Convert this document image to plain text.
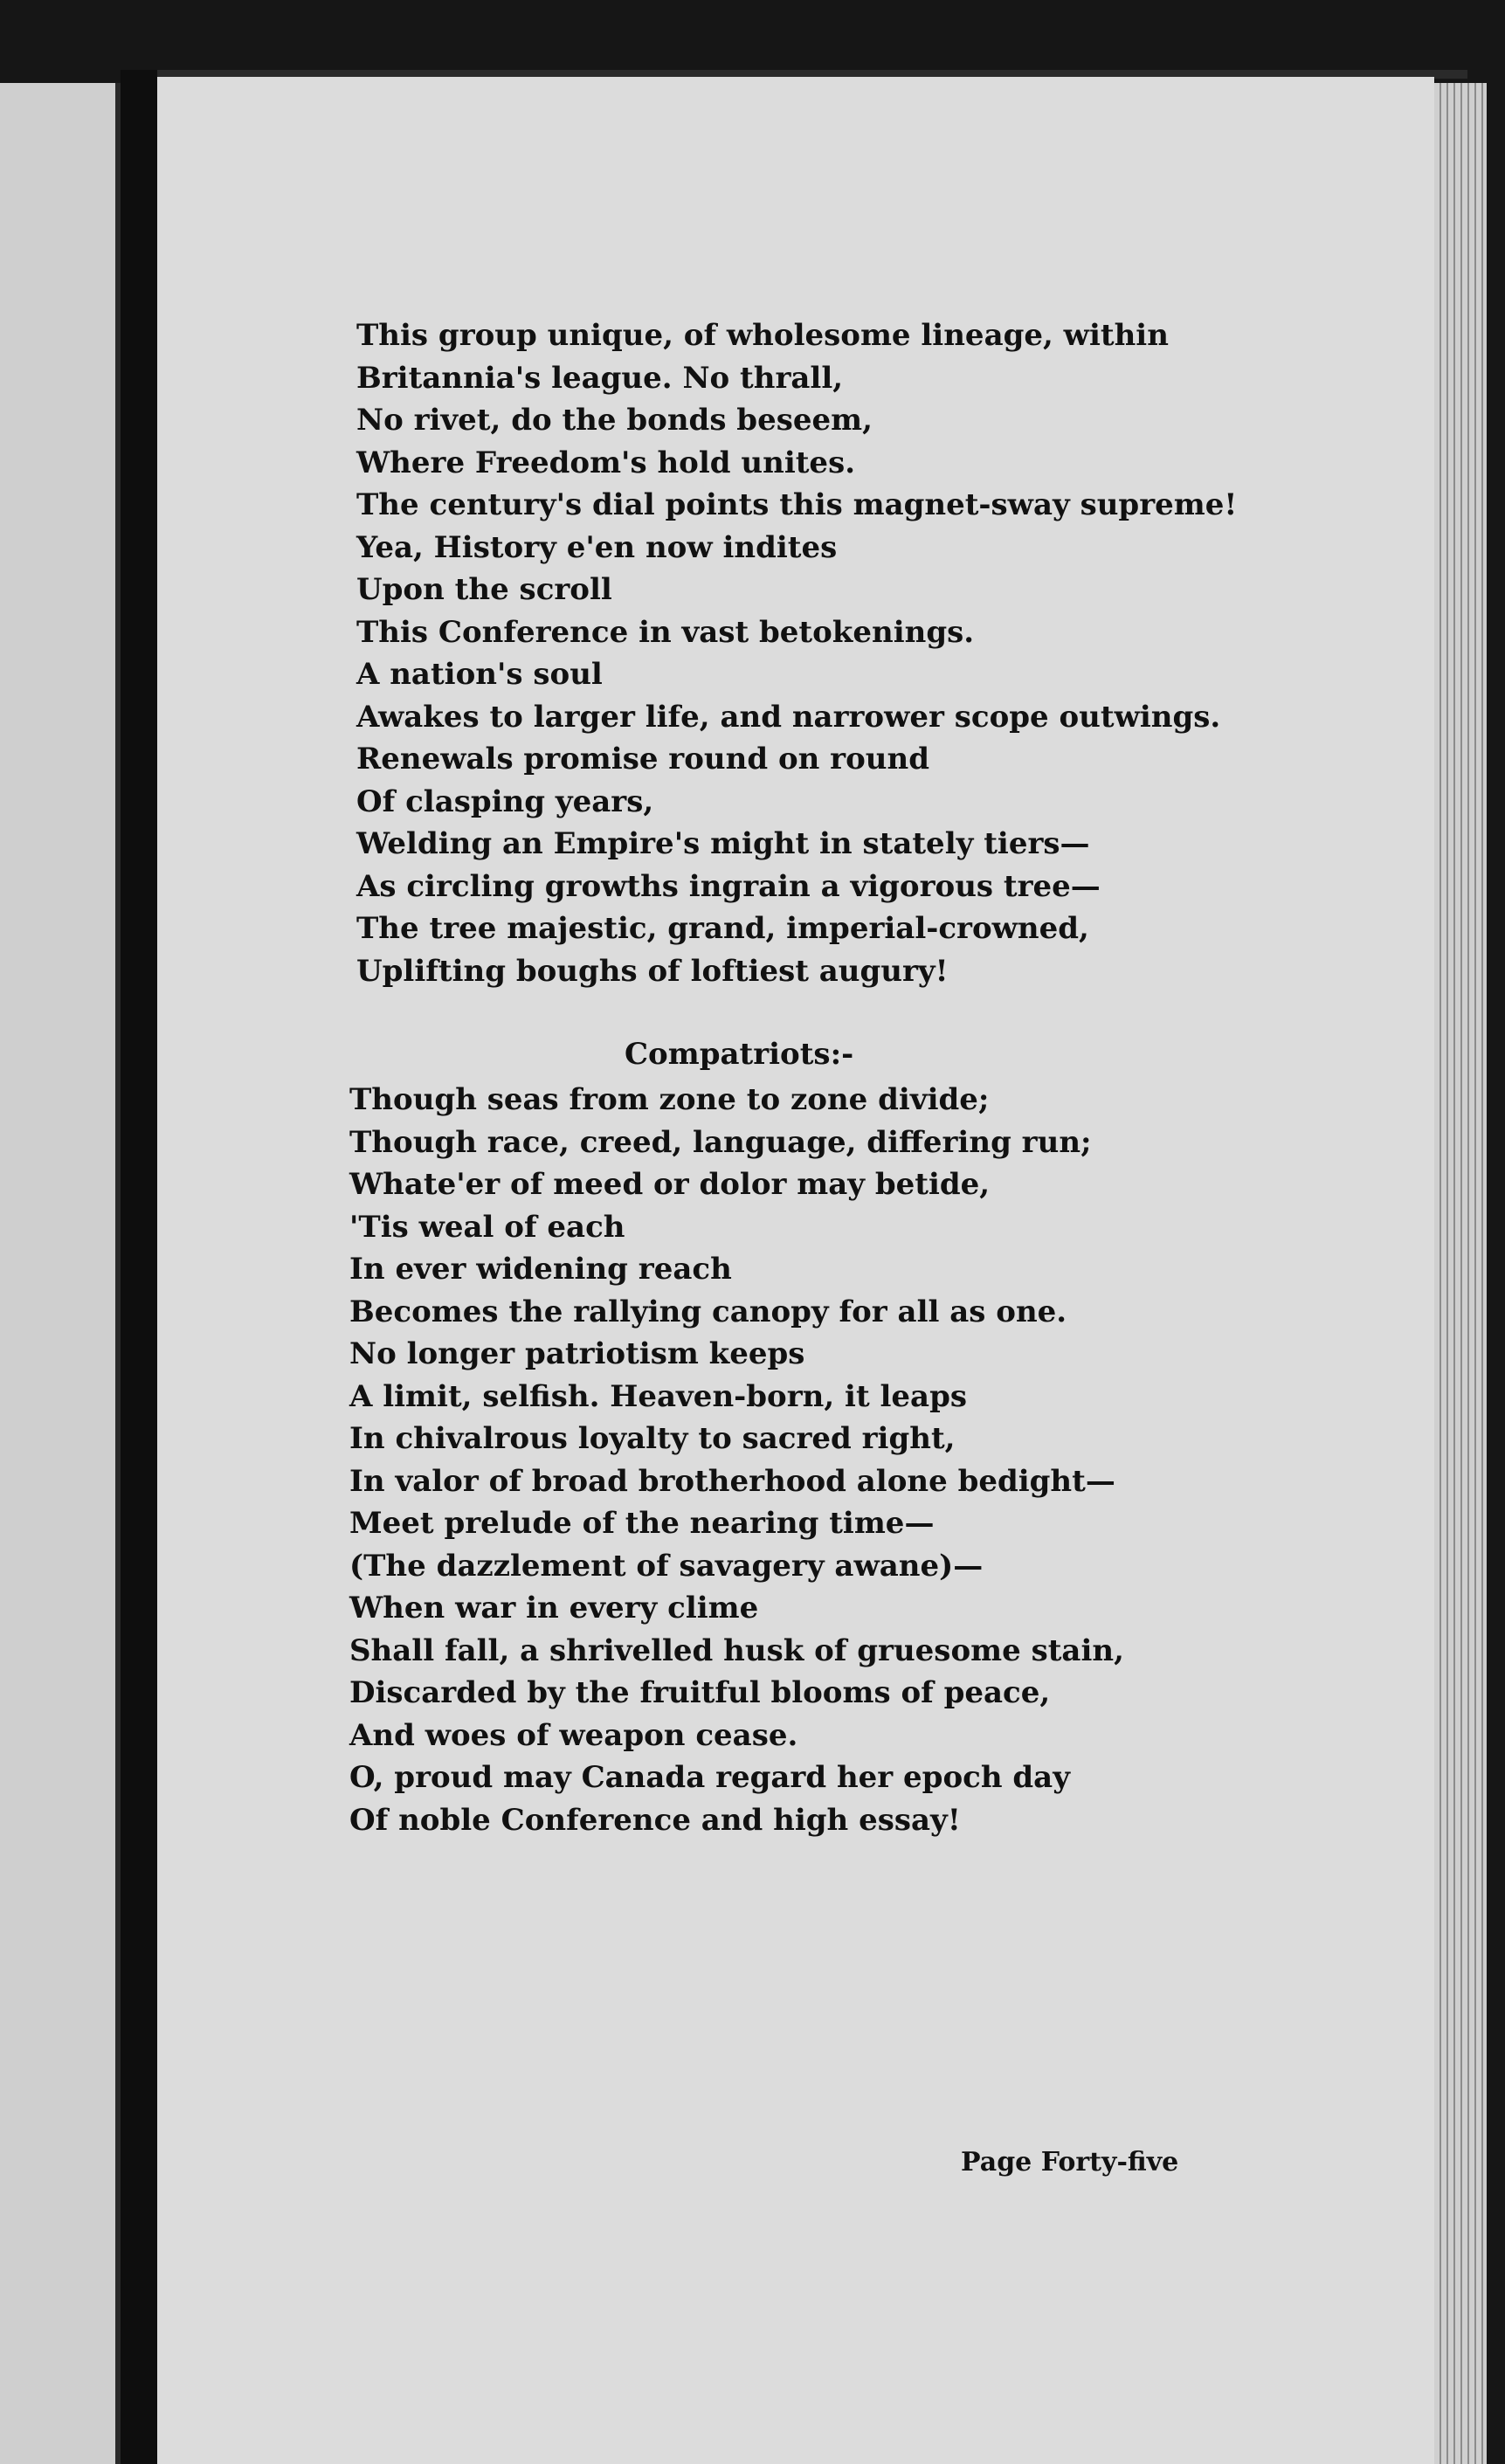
This group unique, of wholesome lineage, within
Britannia's league. No thrall,
No rivet, do the bonds beseem,
Where Freedom's hold unites.
The century's dial points this magnet-sway supreme!
Yea, History e'en now indites
Upon the scroll
This Conference in vast betokenings.
A nation's soul
Awakes to larger life, and narrower scope outwings.
Renewals promise round on round
Of clasping years,
Welding an Empire's might in stately tiers—
As circling growths ingrain a vigorous tree—
The tree majestic, grand, imperial-crowned,
Uplifting boughs of loftiest augury!
Compatriots:-
Though seas from zone to zone divide;
Though race, creed, language, differing run;
Whate'er of meed or dolor may betide,
'Tis weal of each
In ever widening reach
Becomes the rallying canopy for all as one.
No longer patriotism keeps
A limit, selfish. Heaven-born, it leaps
In chivalrous loyalty to sacred right,
In valor of broad brotherhood alone bedight—
Meet prelude of the nearing time—
(The dazzlement of savagery awane)—
When war in every clime
Shall fall, a shrivelled husk of gruesome stain,
Discarded by the fruitful blooms of peace,
And woes of weapon cease.
O, proud may Canada regard her epoch day
Of noble Conference and high essay!
Page Forty-five
